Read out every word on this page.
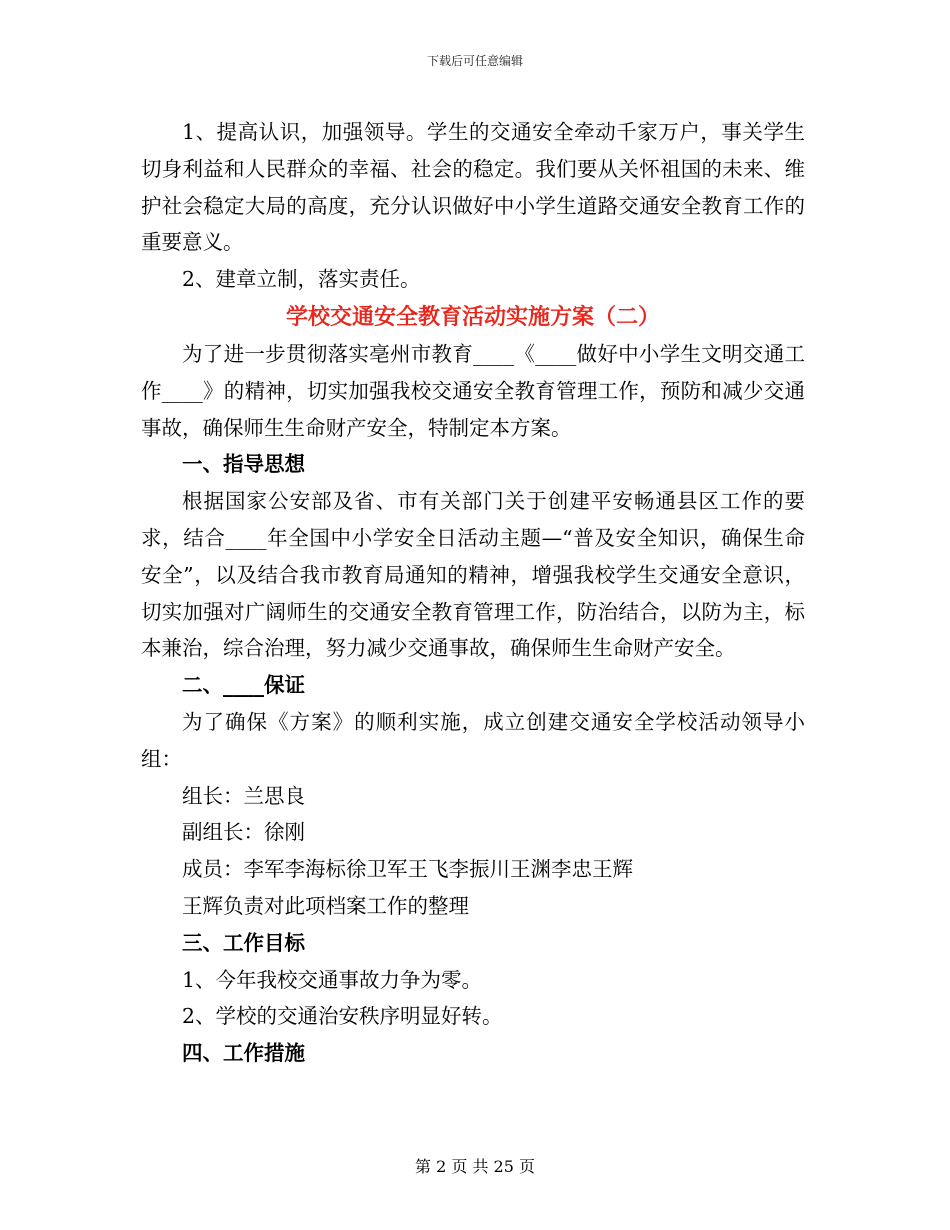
下载后可任意编辑

1、提高认识，加强领导。学生的交通安全牵动千家万户，事关学生切身利益和人民群众的幸福、社会的稳定。我们要从关怀祖国的未来、维护社会稳定大局的高度，充分认识做好中小学生道路交通安全教育工作的重要意义。

2、建章立制，落实责任。

学校交通安全教育活动实施方案（二）

为了进一步贯彻落实亳州市教育____《____做好中小学生文明交通工作____》的精神，切实加强我校交通安全教育管理工作，预防和减少交通事故，确保师生生命财产安全，特制定本方案。

一、指导思想

根据国家公安部及省、市有关部门关于创建平安畅通县区工作的要求，结合____年全国中小学安全日活动主题—“普及安全知识，确保生命安全”，以及结合我市教育局通知的精神，增强我校学生交通安全意识，切实加强对广阔师生的交通安全教育管理工作，防治结合，以防为主，标本兼治，综合治理，努力减少交通事故，确保师生生命财产安全。

二、____保证

为了确保《方案》的顺利实施，成立创建交通安全学校活动领导小组：

组长：兰思良

副组长：徐刚

成员：李军李海标徐卫军王飞李振川王渊李忠王辉

王辉负责对此项档案工作的整理

三、工作目标

1、今年我校交通事故力争为零。

2、学校的交通治安秩序明显好转。

四、工作措施

第 2 页 共 25 页
